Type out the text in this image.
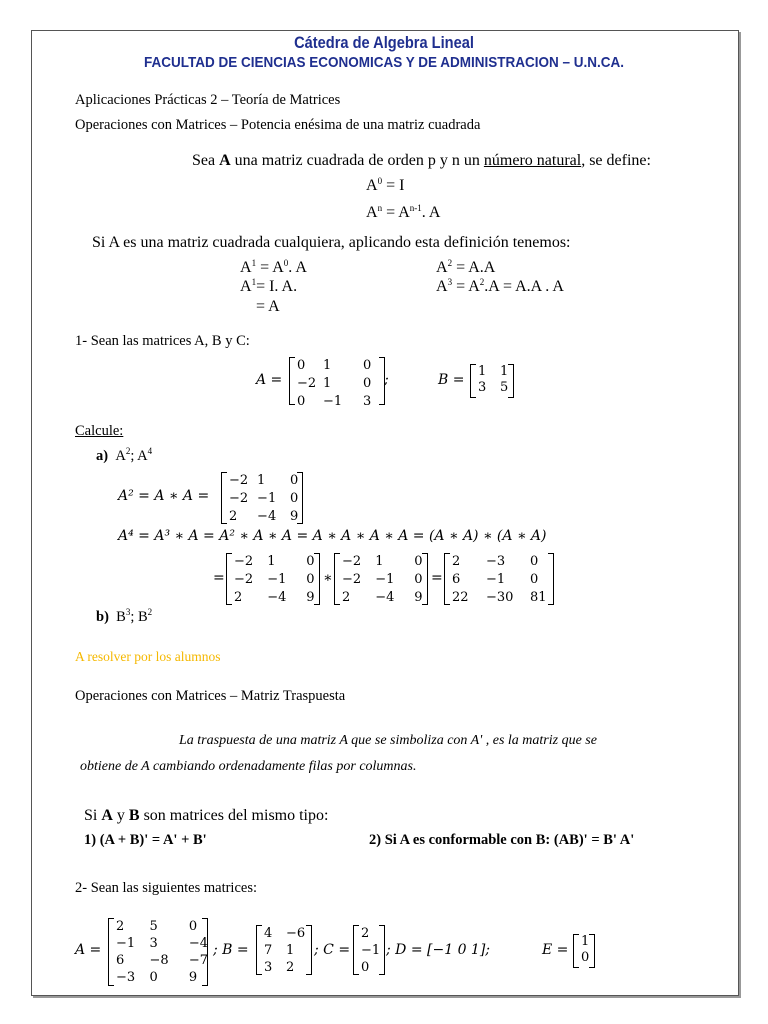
Cátedra de Algebra Lineal
FACULTAD DE CIENCIAS ECONOMICAS Y DE ADMINISTRACION – U.N.CA.
Aplicaciones Prácticas 2 – Teoría de Matrices
Operaciones con Matrices – Potencia enésima de una matriz cuadrada
Sea A una matriz cuadrada de orden p y n un número natural, se define:
$A^0 = I$
$A^n = A^{n-1}$. A
Si A es una matriz cuadrada cualquiera, aplicando esta definición tenemos:
$A^1 = A^0$. A
$A^1= I$. A.
= A
$A^2 = A.A$
$A^3 = A^2.A = A.A$ . A
1- Sean las matrices A, B y C:
A =
0	1	0
−2	1	0
0	−1	3
;	B =
1	1
3	5
Calcule:
a) $A^2$; $A^4$
A² = A ∗ A =
−2	1	0
−2	−1	0
2	−4	9
A⁴ = A³ ∗ A = A² ∗ A ∗ A = A ∗ A ∗ A ∗ A = (A ∗ A) ∗ (A ∗ A)
=
−2	1	0
−2	−1	0
2	−4	9
∗
−2	1	0
−2	−1	0
2	−4	9
=
2	−3	0
6	−1	0
22	−30	81
b) $B^3$; $B^2$
A resolver por los alumnos
Operaciones con Matrices – Matriz Traspuesta
La traspuesta de una matriz A que se simboliza con A' , es la matriz que se
obtiene de A cambiando ordenadamente filas por columnas.
Si A y B son matrices del mismo tipo:
1) (A + B)' = A' + B'	2) Si A es conformable con B: (AB)' = B' A'
2- Sean las siguientes matrices:
A =
2	5	0
−1	3	−4
6	−8	−7
−3	0	9
; B =
4	−6
7	1
3	2
; C =
2
−1
0
; D = [−1 0 1];	E =
1
0
